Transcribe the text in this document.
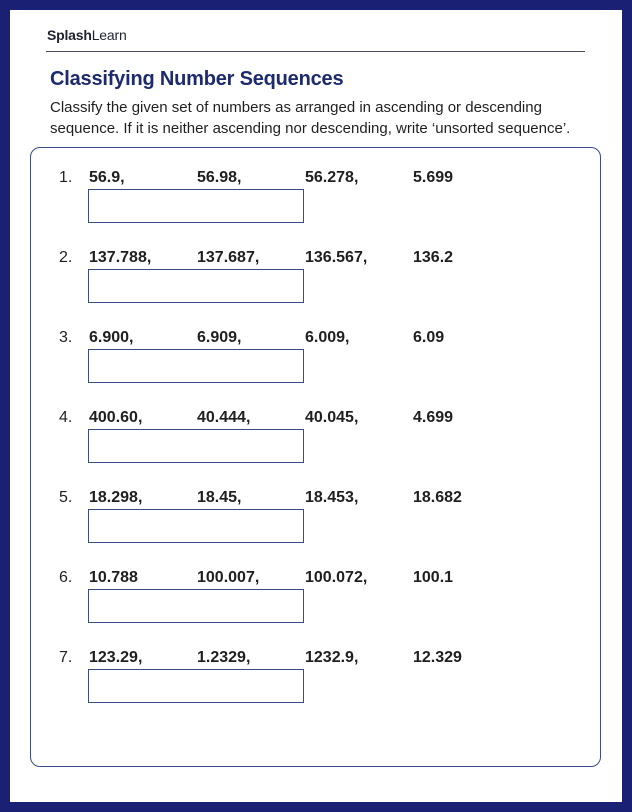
SplashLearn
Classifying Number Sequences

Classify the given set of numbers as arranged in ascending or descending sequence. If it is neither ascending nor descending, write ‘unsorted sequence’.

1. 56.9,	56.98,	56.278,	5.699
2. 137.788,	137.687,	136.567,	136.2
3. 6.900,	6.909,	6.009,	6.09
4. 400.60,	40.444,	40.045,	4.699
5. 18.298,	18.45,	18.453,	18.682
6. 10.788	100.007,	100.072,	100.1
7. 123.29,	1.2329,	1232.9,	12.329
